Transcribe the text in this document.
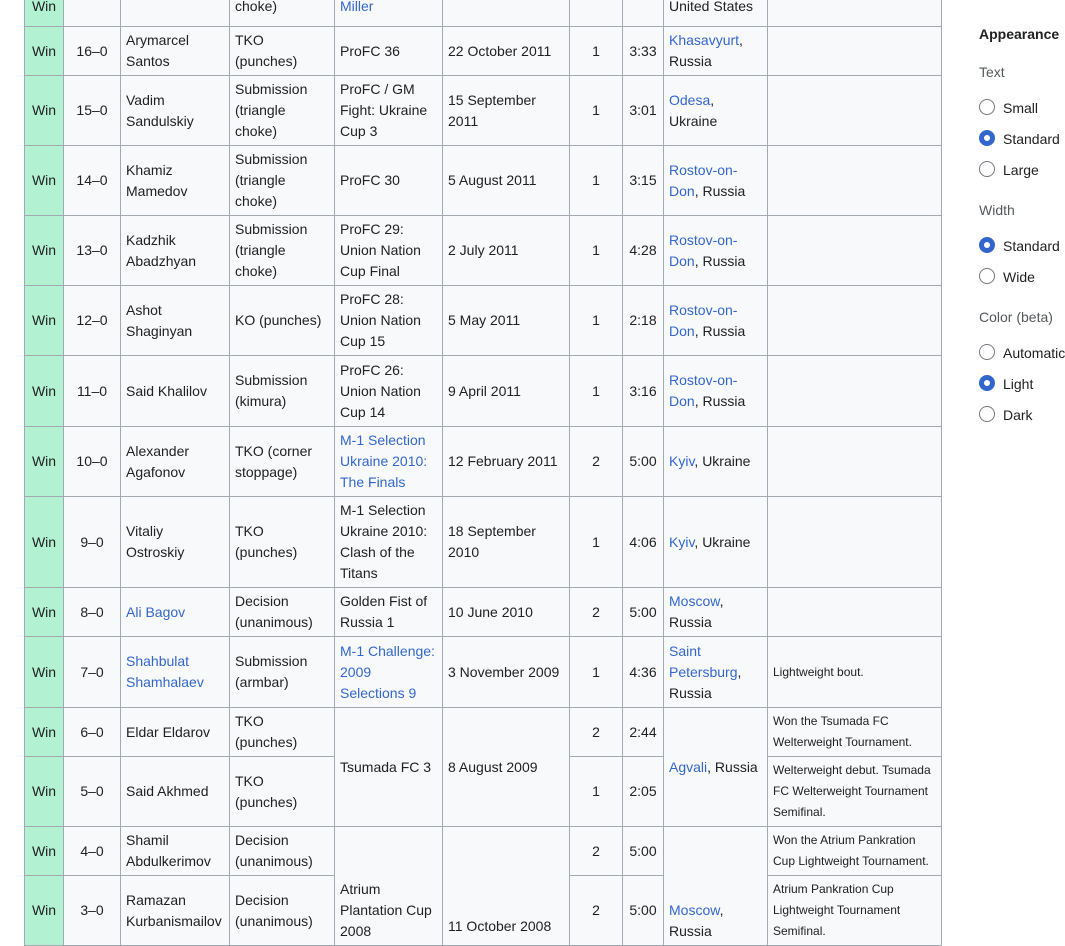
Win			choke)	Miller				United States	
Win	16–0	Arymarcel Santos	TKO (punches)	ProFC 36	22 October 2011	1	3:33	Khasavyurt, Russia	
Win	15–0	Vadim Sandulskiy	Submission (triangle choke)	ProFC / GM Fight: Ukraine Cup 3	15 September 2011	1	3:01	Odesa, Ukraine	
Win	14–0	Khamiz Mamedov	Submission (triangle choke)	ProFC 30	5 August 2011	1	3:15	Rostov-on-Don, Russia	
Win	13–0	Kadzhik Abadzhyan	Submission (triangle choke)	ProFC 29: Union Nation Cup Final	2 July 2011	1	4:28	Rostov-on-Don, Russia	
Win	12–0	Ashot Shaginyan	KO (punches)	ProFC 28: Union Nation Cup 15	5 May 2011	1	2:18	Rostov-on-Don, Russia	
Win	11–0	Said Khalilov	Submission (kimura)	ProFC 26: Union Nation Cup 14	9 April 2011	1	3:16	Rostov-on-Don, Russia	
Win	10–0	Alexander Agafonov	TKO (corner stoppage)	M-1 Selection Ukraine 2010: The Finals	12 February 2011	2	5:00	Kyiv, Ukraine	
Win	9–0	Vitaliy Ostroskiy	TKO (punches)	M-1 Selection Ukraine 2010: Clash of the Titans	18 September 2010	1	4:06	Kyiv, Ukraine	
Win	8–0	Ali Bagov	Decision (unanimous)	Golden Fist of Russia 1	10 June 2010	2	5:00	Moscow, Russia	
Win	7–0	Shahbulat Shamhalaev	Submission (armbar)	M-1 Challenge: 2009 Selections 9	3 November 2009	1	4:36	Saint Petersburg, Russia	Lightweight bout.
Win	6–0	Eldar Eldarov	TKO (punches)	Tsumada FC 3	8 August 2009	2	2:44	Agvali, Russia	Won the Tsumada FC Welterweight Tournament.
Win	5–0	Said Akhmed	TKO (punches)			1	2:05		Welterweight debut. Tsumada FC Welterweight Tournament Semifinal.
Win	4–0	Shamil Abdulkerimov	Decision (unanimous)	Atrium Plantation Cup 2008	11 October 2008	2	5:00	Moscow, Russia	Won the Atrium Pankration Cup Lightweight Tournament.
Win	3–0	Ramazan Kurbanismailov	Decision (unanimous)			2	5:00		Atrium Pankration Cup Lightweight Tournament Semifinal.
Appearance
Text
Small
Standard
Large
Width
Standard
Wide
Color (beta)
Automatic
Light
Dark
